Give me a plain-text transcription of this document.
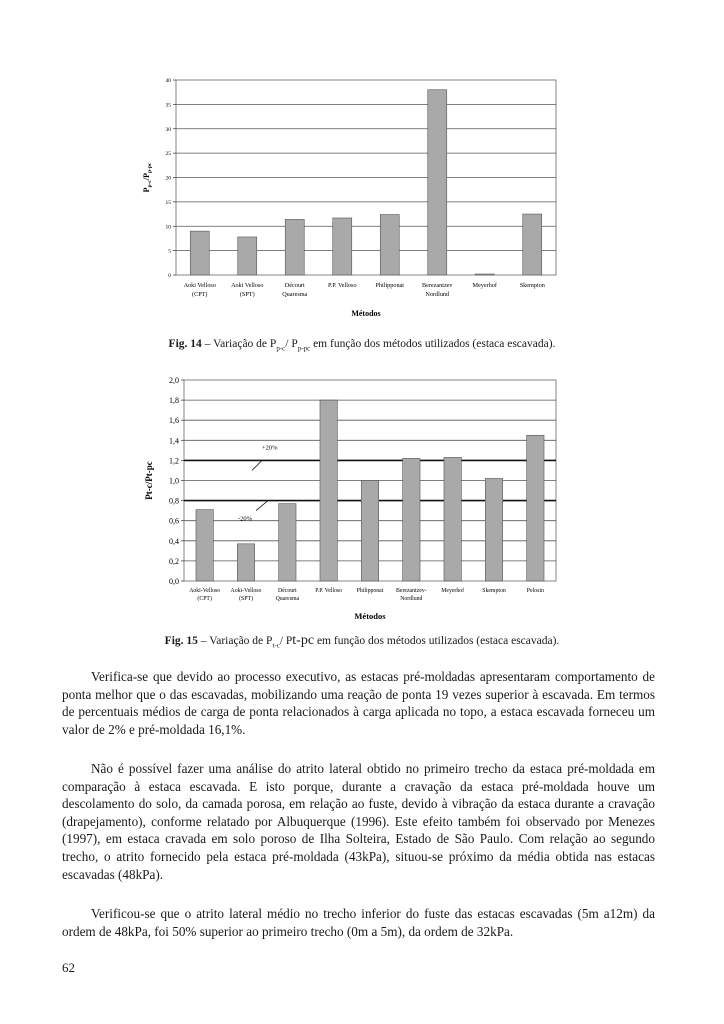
0
5
10
15
20
25
30
35
40
Aoki Velloso
(CPT)
Aoki Velloso
(SPT)
Décourt
Quaresma
P.P. Velloso	Philipponat	Berezantzev
Nordlund
Meyerhof	Skempton
Métodos
$P_{p-c}/P_{p-pc}$
Fig. 14 – Variação de $P_{p-c}/$ $P_{p-pc}$ em função dos métodos utilizados (estaca escavada).
0,0
0,2
0,4
0,6
0,8
1,0
1,2
1,4
1,6
1,8
2,0
Aoki-Velloso
(CPT)
Aoki-Velloso
(SPT)
Décourt
Quaresma
P.P. Velloso	Philipponat Berezantzev-
Nordlund
Meyerhof	Skempton	Pelosin
+20%
-20%
Métodos
Pt-c/Pt-pc
Fig. 15 – Variação de $P_{t-c}/$ Pt-pc em função dos métodos utilizados (estaca escavada).

Verifica-se que devido ao processo executivo, as estacas pré-moldadas apresentaram comportamento de ponta melhor que o das escavadas, mobilizando uma reação de ponta 19 vezes superior à escavada. Em termos de percentuais médios de carga de ponta relacionados à carga aplicada no topo, a estaca escavada forneceu um valor de 2% e pré-moldada 16,1%.

Não é possível fazer uma análise do atrito lateral obtido no primeiro trecho da estaca pré-moldada em comparação à estaca escavada. E isto porque, durante a cravação da estaca pré-moldada houve um descolamento do solo, da camada porosa, em relação ao fuste, devido à vibração da estaca durante a cravação (drapejamento), conforme relatado por Albuquerque (1996). Este efeito também foi observado por Menezes (1997), em estaca cravada em solo poroso de Ilha Solteira, Estado de São Paulo. Com relação ao segundo trecho, o atrito fornecido pela estaca pré-moldada (43kPa), situou-se próximo da média obtida nas estacas escavadas (48kPa).

Verificou-se que o atrito lateral médio no trecho inferior do fuste das estacas escavadas (5m a12m) da ordem de 48kPa, foi 50% superior ao primeiro trecho (0m a 5m), da ordem de 32kPa.

62
